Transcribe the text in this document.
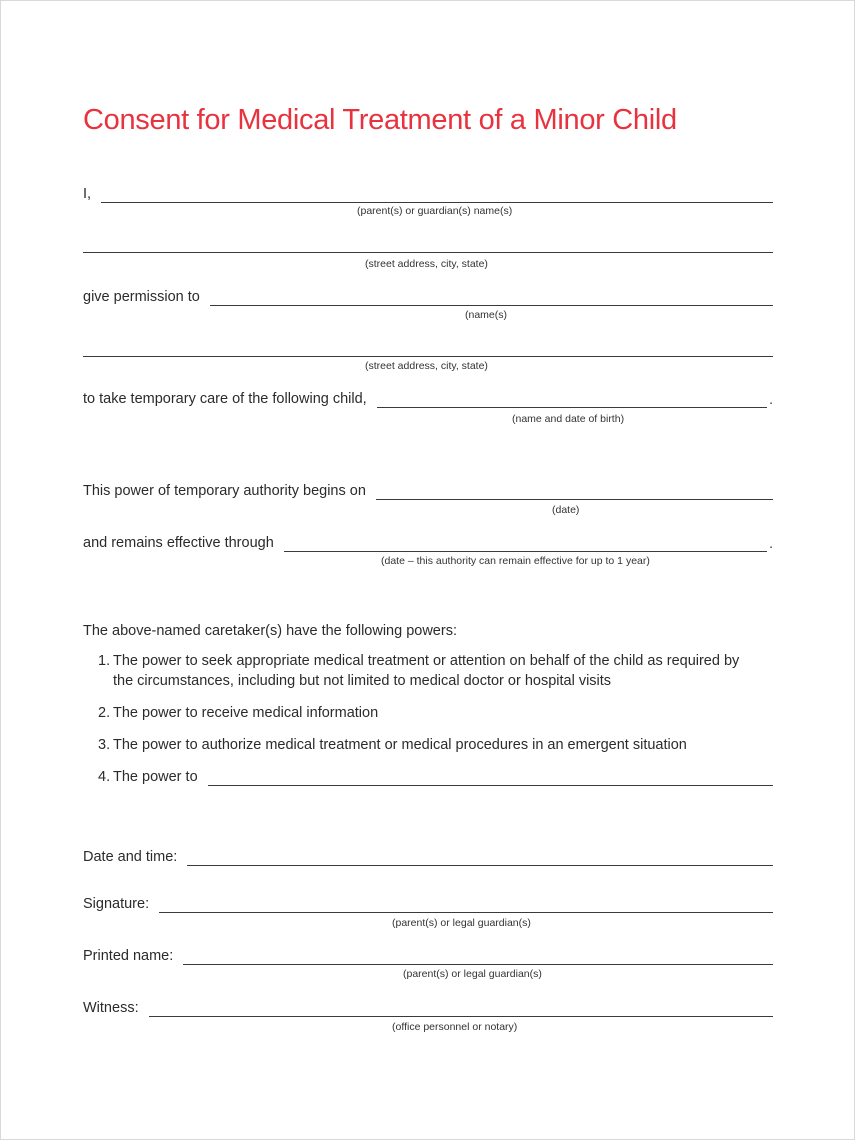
Consent for Medical Treatment of a Minor Child
I,
(parent(s) or guardian(s) name(s)
(street address, city, state)
give permission to
(name(s)
(street address, city, state)
to take temporary care of the following child,	.
(name and date of birth)
This power of temporary authority begins on
(date)
and remains effective through	.
(date – this authority can remain effective for up to 1 year)
The above-named caretaker(s) have the following powers:
1. The power to seek appropriate medical treatment or attention on behalf of the child as required by the circumstances, including but not limited to medical doctor or hospital visits
2. The power to receive medical information
3. The power to authorize medical treatment or medical procedures in an emergent situation
4. The power to
Date and time:
Signature:
(parent(s) or legal guardian(s)
Printed name:
(parent(s) or legal guardian(s)
Witness:
(office personnel or notary)
